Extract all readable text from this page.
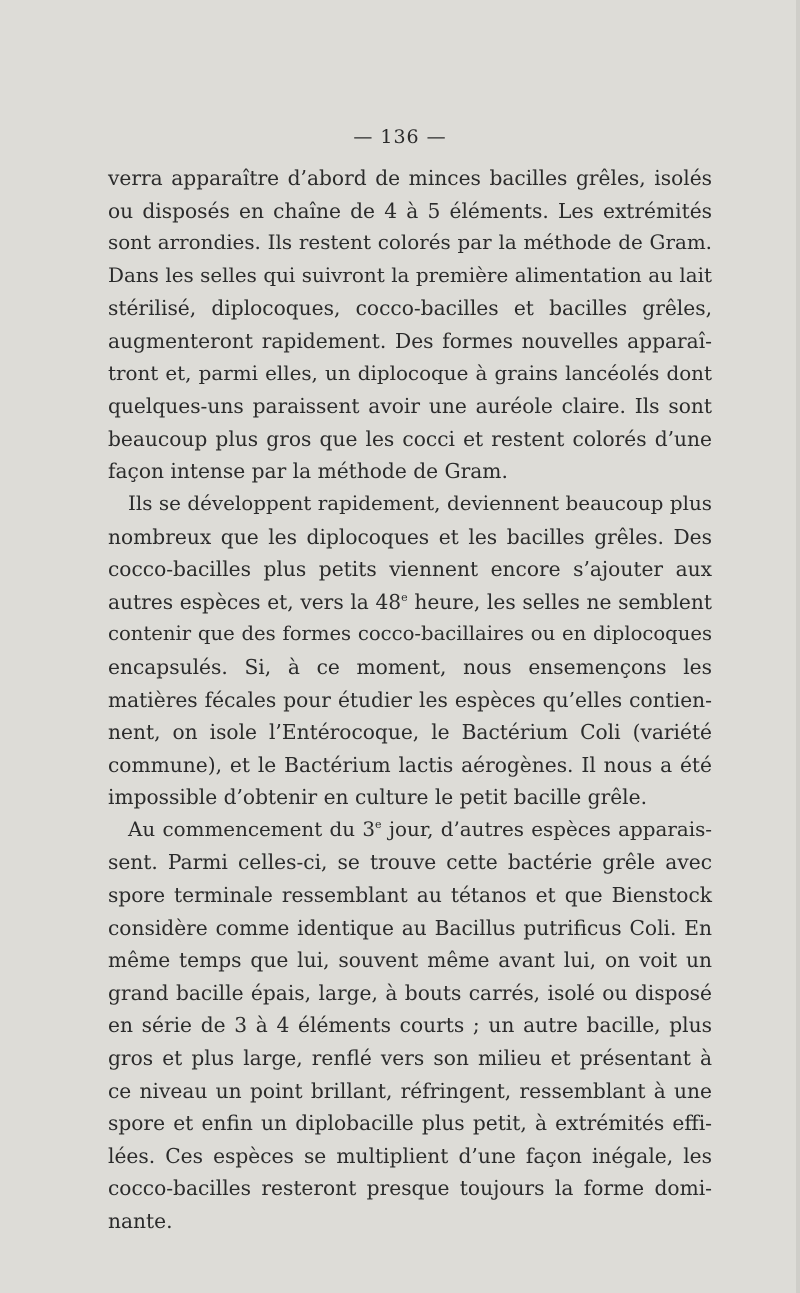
— 136 —
verra apparaître d’abord de minces bacilles grêles, isolés
ou disposés en chaîne de 4 à 5 éléments. Les extrémités
sont arrondies. Ils restent colorés par la méthode de Gram.
Dans les selles qui suivront la première alimentation au lait
stérilisé, diplocoques, cocco-bacilles et bacilles grêles,
augmenteront rapidement. Des formes nouvelles apparaî-
tront et, parmi elles, un diplocoque à grains lancéolés dont
quelques-uns paraissent avoir une auréole claire. Ils sont
beaucoup plus gros que les cocci et restent colorés d’une
façon intense par la méthode de Gram.
Ils se développent rapidement, deviennent beaucoup plus
nombreux que les diplocoques et les bacilles grêles. Des
cocco-bacilles plus petits viennent encore s’ajouter aux
autres espèces et, vers la 48e heure, les selles ne semblent
contenir que des formes cocco-bacillaires ou en diplocoques
encapsulés. Si, à ce moment, nous ensemençons les
matières fécales pour étudier les espèces qu’elles contien-
nent, on isole l’Entérocoque, le Bactérium Coli (variété
commune), et le Bactérium lactis aérogènes. Il nous a été
impossible d’obtenir en culture le petit bacille grêle.
Au commencement du 3e jour, d’autres espèces apparais-
sent. Parmi celles-ci, se trouve cette bactérie grêle avec
spore terminale ressemblant au tétanos et que Bienstock
considère comme identique au Bacillus putrificus Coli. En
même temps que lui, souvent même avant lui, on voit un
grand bacille épais, large, à bouts carrés, isolé ou disposé
en série de 3 à 4 éléments courts ; un autre bacille, plus
gros et plus large, renflé vers son milieu et présentant à
ce niveau un point brillant, réfringent, ressemblant à une
spore et enfin un diplobacille plus petit, à extrémités effi-
lées. Ces espèces se multiplient d’une façon inégale, les
cocco-bacilles resteront presque toujours la forme domi-
nante.
